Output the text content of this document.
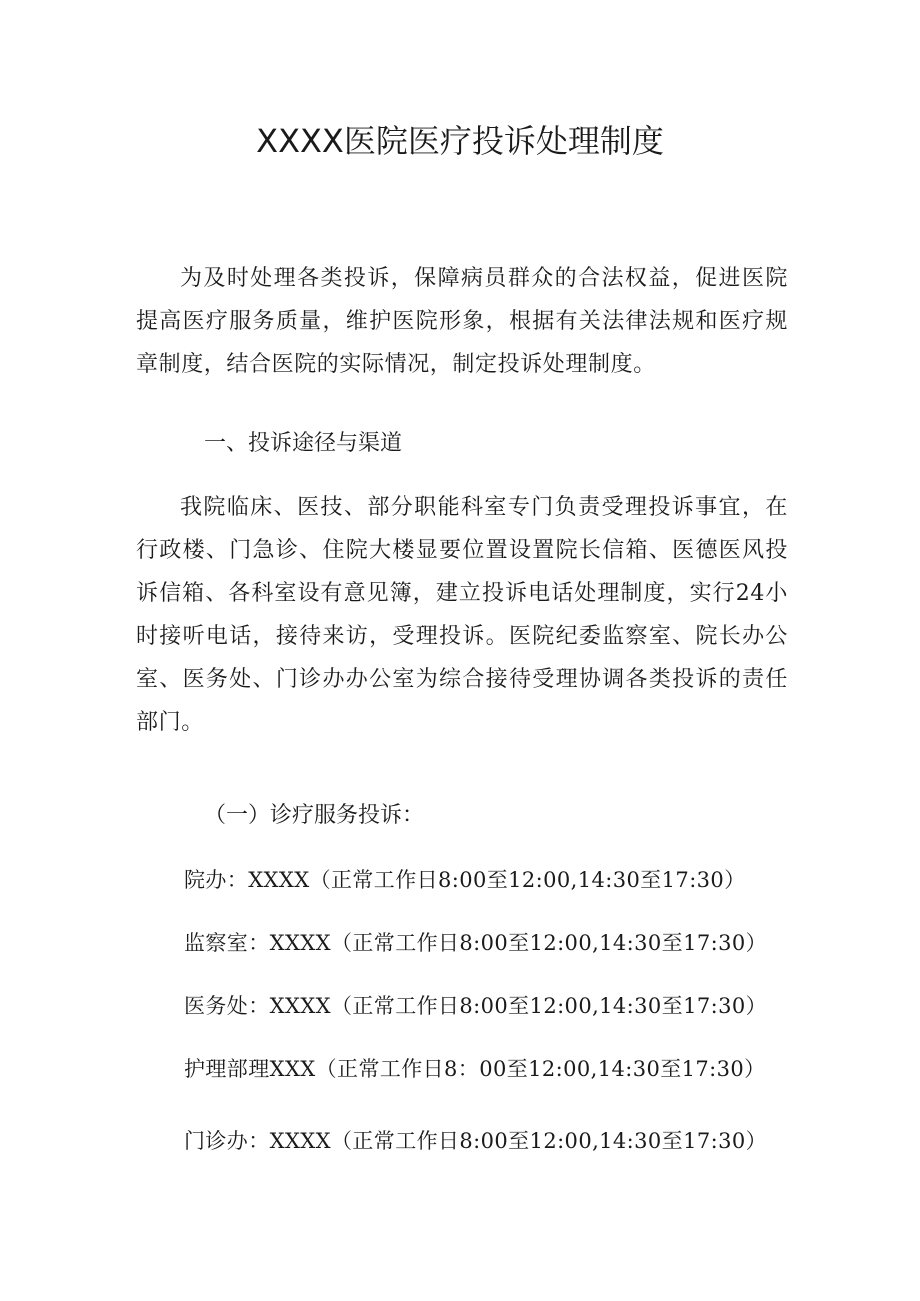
XXXX医院医疗投诉处理制度

为及时处理各类投诉，保障病员群众的合法权益，促进医院提高医疗服务质量，维护医院形象，根据有关法律法规和医疗规章制度，结合医院的实际情况，制定投诉处理制度。

一、投诉途径与渠道

我院临床、医技、部分职能科室专门负责受理投诉事宜，在行政楼、门急诊、住院大楼显要位置设置院长信箱、医德医风投诉信箱、各科室设有意见簿，建立投诉电话处理制度，实行24小时接听电话，接待来访，受理投诉。医院纪委监察室、院长办公室、医务处、门诊办办公室为综合接待受理协调各类投诉的责任部门。

（一）诊疗服务投诉：
院办：XXXX（正常工作日8:00至12:00,14:30至17:30）
监察室：XXXX（正常工作日8:00至12:00,14:30至17:30）
医务处：XXXX（正常工作日8:00至12:00,14:30至17:30）
护理部理XXX（正常工作日8：00至12:00,14:30至17:30）
门诊办：XXXX（正常工作日8:00至12:00,14:30至17:30）
